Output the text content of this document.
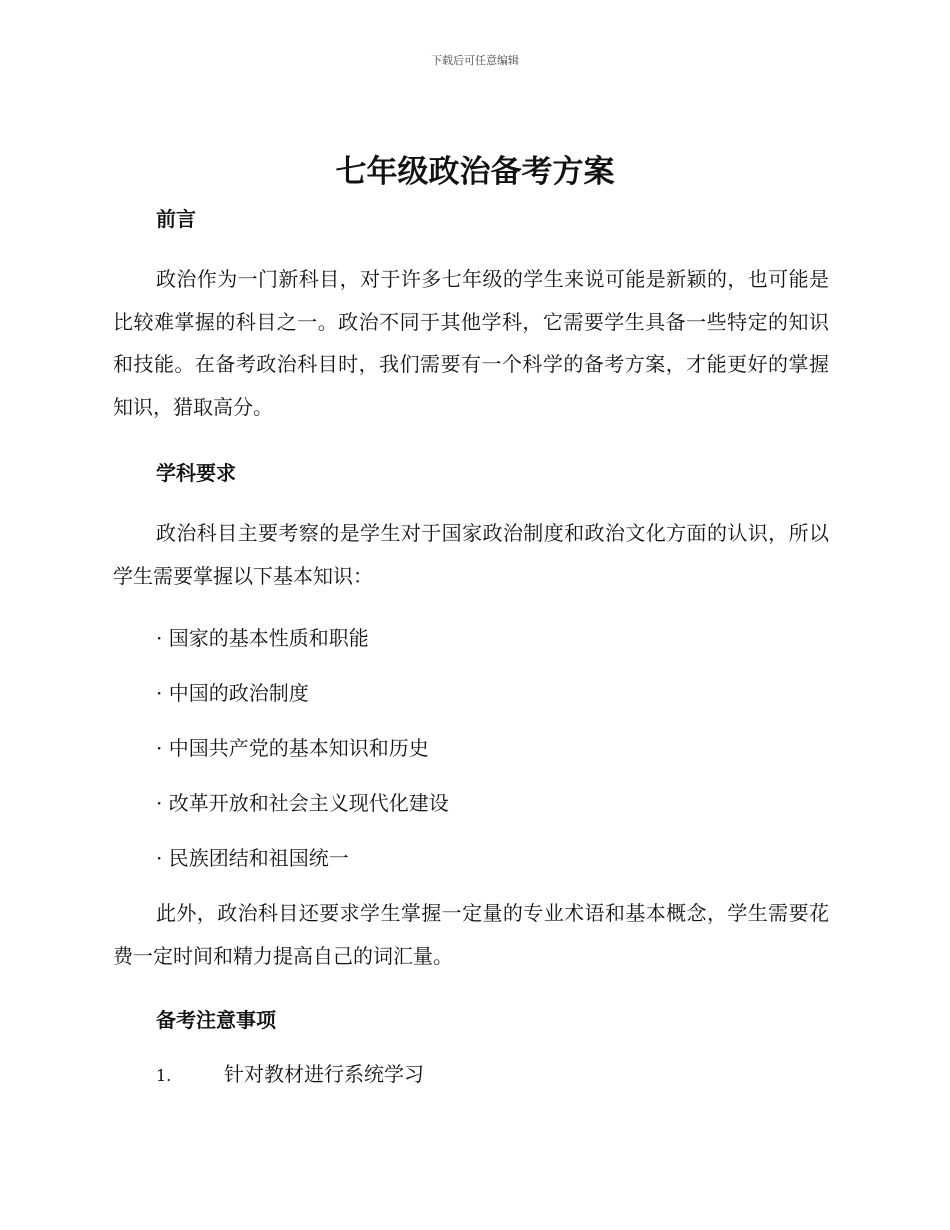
下载后可任意编辑
七年级政治备考方案
前言

政治作为一门新科目，对于许多七年级的学生来说可能是新颖的，也可能是比较难掌握的科目之一。政治不同于其他学科，它需要学生具备一些特定的知识和技能。在备考政治科目时，我们需要有一个科学的备考方案，才能更好的掌握知识，猎取高分。

学科要求

政治科目主要考察的是学生对于国家政治制度和政治文化方面的认识，所以学生需要掌握以下基本知识：

· 国家的基本性质和职能
· 中国的政治制度
· 中国共产党的基本知识和历史
· 改革开放和社会主义现代化建设
· 民族团结和祖国统一

此外，政治科目还要求学生掌握一定量的专业术语和基本概念，学生需要花费一定时间和精力提高自己的词汇量。

备考注意事项
1.	针对教材进行系统学习
